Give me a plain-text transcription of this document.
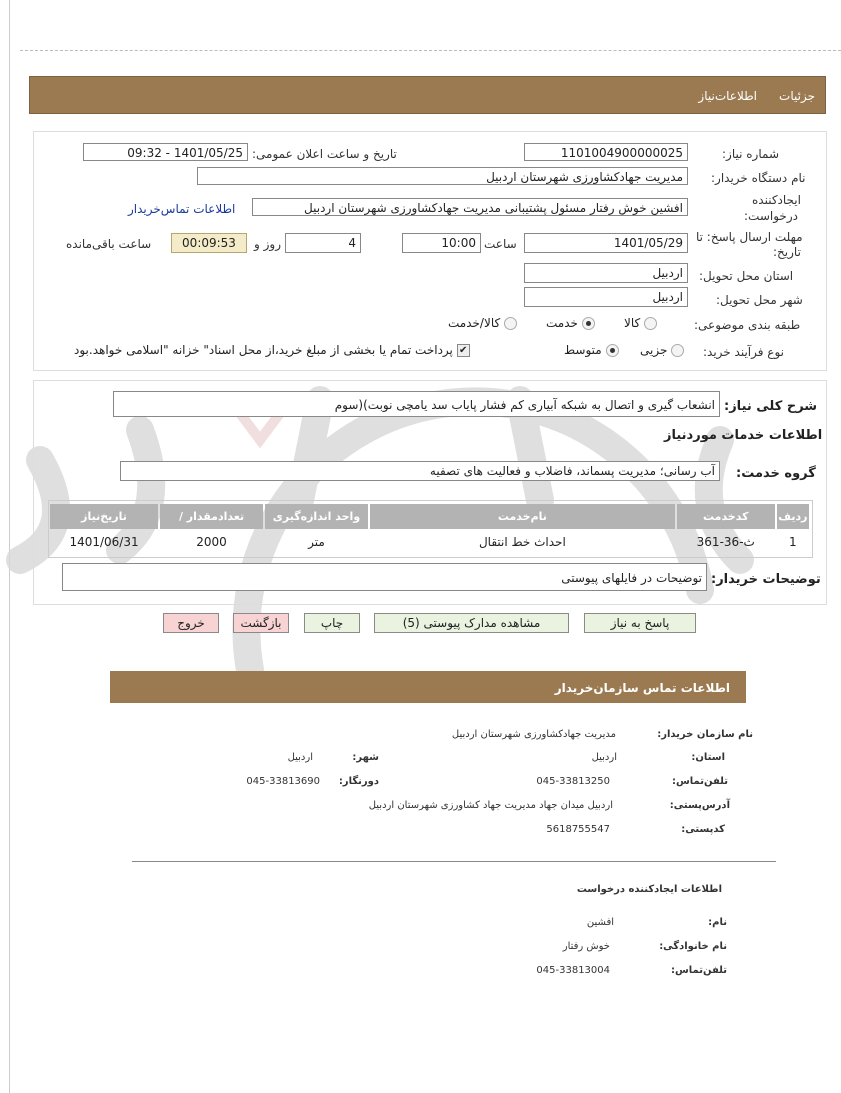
جزئیات
اطلاعات‌نیاز
شماره نیاز:
1101004900000025
تاریخ و ساعت اعلان عمومی:
1401/05/25 - 09:32
نام دستگاه خریدار:
مدیریت جهادکشاورزی شهرستان اردبیل
ایجادکننده
درخواست:
افشین خوش رفتار مسئول پشتیبانی مدیریت جهادکشاورزی شهرستان اردبیل
اطلاعات تماس‌خریدار
مهلت ارسال پاسخ: تا
تاریخ:
1401/05/29
ساعت
10:00
4
روز و
00:09:53
ساعت باقی‌مانده
استان محل تحویل:
اردبیل
شهر محل تحویل:
اردبیل
طبقه بندی موضوعی:
کالا
خدمت
کالا/خدمت
نوع فرآیند خرید:
جزیی
متوسط
✔ پرداخت تمام یا بخشی از مبلغ خرید،از محل اسناد" خزانه "اسلامی خواهد.بود
شرح کلی نیاز:
انشعاب گیری و اتصال به شبکه آبیاری کم فشار پایاب سد یامچی نوبت)(سوم
اطلاعات خدمات موردنیاز
گروه خدمت:
آب رسانی؛ مدیریت پسماند، فاضلاب و فعالیت های تصفیه
ردیف	کدخدمت	نام‌خدمت	واحد اندازه‌گیری	تعدادمقدار /	تاریخ‌نیاز
1	ث-36-361	احداث خط انتقال	متر	2000	1401/06/31
توضیحات خریدار:
توضیحات در فایلهای پیوستی
پاسخ به نیاز
مشاهده مدارک پیوستی (5)
چاپ
بازگشت
خروج
اطلاعات تماس سازمان‌خریدار
نام سازمان خریدار:
مدیریت جهادکشاورزی شهرستان اردبیل
استان:
اردبیل
شهر:
اردبیل
تلفن‌تماس:
045-33813250
دورنگار:
045-33813690
آدرس‌پستی:
اردبیل میدان جهاد مدیریت جهاد کشاورزی شهرستان اردبیل
کدپستی:
5618755547
اطلاعات ایجادکننده درخواست
نام:
افشین
نام خانوادگی:
خوش رفتار
تلفن‌تماس:
045-33813004
